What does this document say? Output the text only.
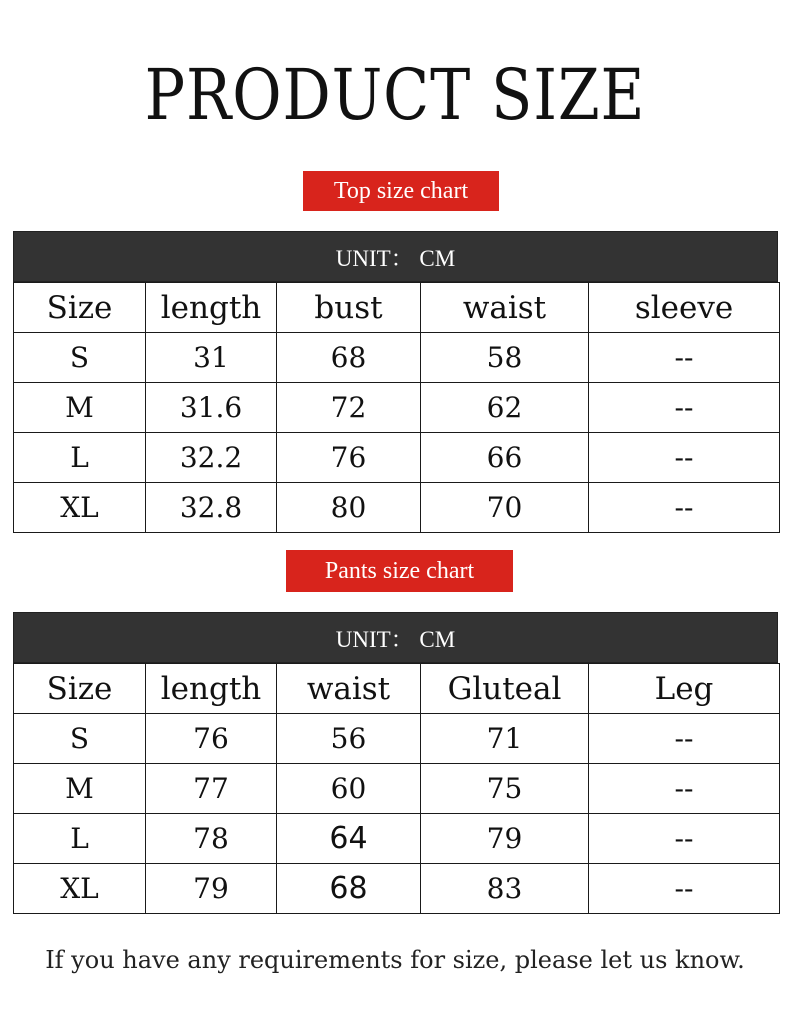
PRODUCT SIZE
Top size chart
UNIT： CM
Size	length	bust	waist	sleeve
S	31	68	58	--
M	31.6	72	62	--
L	32.2	76	66	--
XL	32.8	80	70	--
Pants size chart
UNIT： CM
Size	length	waist	Gluteal	Leg
S	76	56	71	--
M	77	60	75	--
L	78	64	79	--
XL	79	68	83	--
If you have any requirements for size, please let us know.
